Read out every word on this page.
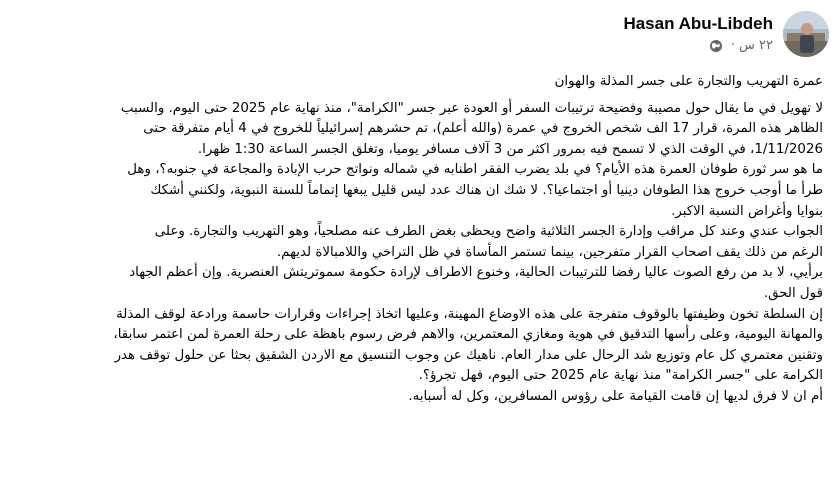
Hasan Abu-Libdeh
· ٢٢ س
عمرة التهريب والتجارة على جسر المذلة والهوان
لا تهويل في ما يقال حول مصيبة وفضيحة ترتيبات السفر أو العودة عبر جسر "الكرامة"، منذ نهاية عام 2025 حتى اليوم. والسبب
الظاهر هذه المرة، قرار 17 الف شخص الخروج في عمرة (والله أعلم)، تم حشرهم إسرائيلياً للخروج في 4 أيام متفرقة حتى
1/11/2026، في الوقت الذي لا تسمح فيه بمرور اكثر من 3 آلاف مسافر يوميا، وتغلق الجسر الساعة 1:30 ظهرا.
ما هو سر ثورة طوفان العمرة هذه الأيام؟ في بلد يضرب الفقر اطنابه في شماله ونواتج حرب الإبادة والمجاعة في جنوبه؟، وهل
طرأ ما أوجب خروج هذا الطوفان دينيا أو اجتماعيا؟. لا شك ان هناك عدد ليس قليل يبغها إتماماً للسنة النبوية، ولكنني أشكك
بنوايا وأغراض النسبة الاكبر.
الجواب عندي وعند كل مراقب وإدارة الجسر الثلاثية واضح ويحظى بغض الطرف عنه مصلحياً، وهو التهريب والتجارة. وعلى
الرغم من ذلك يقف اصحاب القرار متفرجين، بينما تستمر المأساة في ظل التراخي واللامبالاة لديهم.
برأيي، لا بد من رفع الصوت عاليا رفضا للترتيبات الحالية، وخنوع الاطراف لإرادة حكومة سموتريتش العنصرية. وإن أعظم الجهاد
قول الحق.
إن السلطة تخون وظيفتها بالوقوف متفرجة على هذه الاوضاع المهينة، وعليها اتخاذ إجراءات وقرارات حاسمة ورادعة لوقف المذلة
والمهانة اليومية، وعلى رأسها التدقيق في هوية ومغازي المعتمرين، والاهم فرض رسوم باهظة على رحلة العمرة لمن اعتمر سابقا،
وتقنين معتمري كل عام وتوزيع شد الرحال على مدار العام. ناهيك عن وجوب التنسيق مع الاردن الشقيق بحثا عن حلول توقف هدر
الكرامة على "جسر الكرامة" منذ نهاية عام 2025 حتى اليوم، فهل تجرؤ؟.
أم ان لا فرق لديها إن قامت القيامة على رؤوس المسافرين، وكل له أسبابه.
